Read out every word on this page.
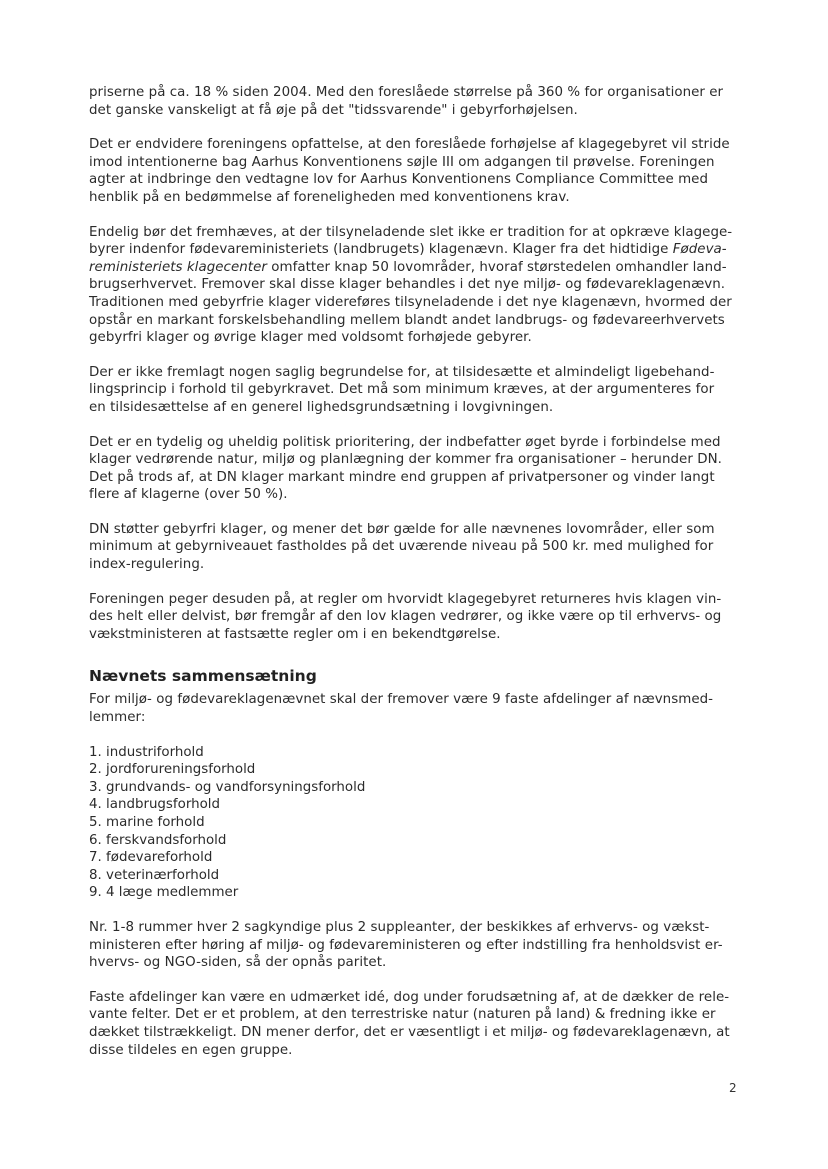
priserne på ca. 18 % siden 2004. Med den foreslåede størrelse på 360 % for organisationer er
det ganske vanskeligt at få øje på det "tidssvarende" i gebyrforhøjelsen.

Det er endvidere foreningens opfattelse, at den foreslåede forhøjelse af klagegebyret vil stride
imod intentionerne bag Aarhus Konventionens søjle III om adgangen til prøvelse. Foreningen
agter at indbringe den vedtagne lov for Aarhus Konventionens Compliance Committee med
henblik på en bedømmelse af foreneligheden med konventionens krav.

Endelig bør det fremhæves, at der tilsyneladende slet ikke er tradition for at opkræve klagege-
byrer indenfor fødevareministeriets (landbrugets) klagenævn. Klager fra det hidtidige Fødeva-
reministeriets klagecenter omfatter knap 50 lovområder, hvoraf størstedelen omhandler land-
brugserhvervet. Fremover skal disse klager behandles i det nye miljø- og fødevareklagenævn.
Traditionen med gebyrfrie klager videreføres tilsyneladende i det nye klagenævn, hvormed der
opstår en markant forskelsbehandling mellem blandt andet landbrugs- og fødevareerhvervets
gebyrfri klager og øvrige klager med voldsomt forhøjede gebyrer.

Der er ikke fremlagt nogen saglig begrundelse for, at tilsidesætte et almindeligt ligebehand-
lingsprincip i forhold til gebyrkravet. Det må som minimum kræves, at der argumenteres for
en tilsidesættelse af en generel lighedsgrundsætning i lovgivningen.

Det er en tydelig og uheldig politisk prioritering, der indbefatter øget byrde i forbindelse med
klager vedrørende natur, miljø og planlægning der kommer fra organisationer – herunder DN.
Det på trods af, at DN klager markant mindre end gruppen af privatpersoner og vinder langt
flere af klagerne (over 50 %).

DN støtter gebyrfri klager, og mener det bør gælde for alle nævnenes lovområder, eller som
minimum at gebyrniveauet fastholdes på det uværende niveau på 500 kr. med mulighed for
index-regulering.

Foreningen peger desuden på, at regler om hvorvidt klagegebyret returneres hvis klagen vin-
des helt eller delvist, bør fremgår af den lov klagen vedrører, og ikke være op til erhvervs- og
vækstministeren at fastsætte regler om i en bekendtgørelse.

Nævnets sammensætning

For miljø- og fødevareklagenævnet skal der fremover være 9 faste afdelinger af nævnsmed-
lemmer:

1. industriforhold
2. jordforureningsforhold
3. grundvands- og vandforsyningsforhold
4. landbrugsforhold
5. marine forhold
6. ferskvandsforhold
7. fødevareforhold
8. veterinærforhold
9. 4 læge medlemmer

Nr. 1-8 rummer hver 2 sagkyndige plus 2 suppleanter, der beskikkes af erhvervs- og vækst-
ministeren efter høring af miljø- og fødevareministeren og efter indstilling fra henholdsvist er-
hvervs- og NGO-siden, så der opnås paritet.

Faste afdelinger kan være en udmærket idé, dog under forudsætning af, at de dækker de rele-
vante felter. Det er et problem, at den terrestriske natur (naturen på land) & fredning ikke er
dækket tilstrækkeligt. DN mener derfor, det er væsentligt i et miljø- og fødevareklagenævn, at
disse tildeles en egen gruppe.

2
